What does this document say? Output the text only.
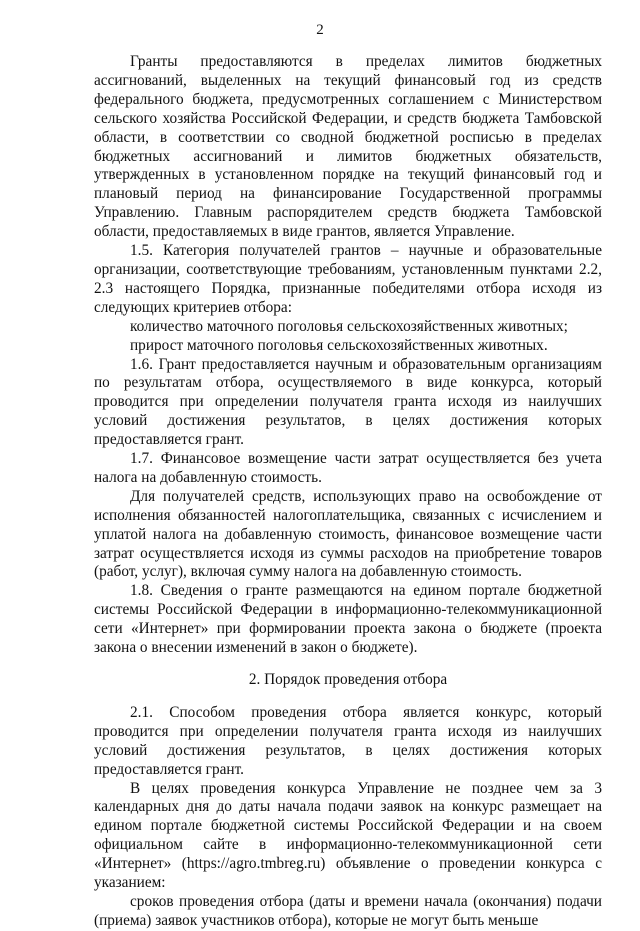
2

Гранты предоставляются в пределах лимитов бюджетных ассигнований, выделенных на текущий финансовый год из средств федерального бюджета, предусмотренных соглашением с Министерством сельского хозяйства Российской Федерации, и средств бюджета Тамбовской области, в соответствии со сводной бюджетной росписью в пределах бюджетных ассигнований и лимитов бюджетных обязательств, утвержденных в установленном порядке на текущий финансовый год и плановый период на финансирование Государственной программы Управлению. Главным распорядителем средств бюджета Тамбовской области, предоставляемых в виде грантов, является Управление.

1.5. Категория получателей грантов – научные и образовательные организации, соответствующие требованиям, установленным пунктами 2.2, 2.3 настоящего Порядка, признанные победителями отбора исходя из следующих критериев отбора:

количество маточного поголовья сельскохозяйственных животных;

прирост маточного поголовья сельскохозяйственных животных.

1.6. Грант предоставляется научным и образовательным организациям по результатам отбора, осуществляемого в виде конкурса, который проводится при определении получателя гранта исходя из наилучших условий достижения результатов, в целях достижения которых предоставляется грант.

1.7. Финансовое возмещение части затрат осуществляется без учета налога на добавленную стоимость.

Для получателей средств, использующих право на освобождение от исполнения обязанностей налогоплательщика, связанных с исчислением и уплатой налога на добавленную стоимость, финансовое возмещение части затрат осуществляется исходя из суммы расходов на приобретение товаров (работ, услуг), включая сумму налога на добавленную стоимость.

1.8. Сведения о гранте размещаются на едином портале бюджетной системы Российской Федерации в информационно-телекоммуникационной сети «Интернет» при формировании проекта закона о бюджете (проекта закона о внесении изменений в закон о бюджете).

2. Порядок проведения отбора

2.1. Способом проведения отбора является конкурс, который проводится при определении получателя гранта исходя из наилучших условий достижения результатов, в целях достижения которых предоставляется грант.

В целях проведения конкурса Управление не позднее чем за 3 календарных дня до даты начала подачи заявок на конкурс размещает на едином портале бюджетной системы Российской Федерации и на своем официальном сайте в информационно-телекоммуникационной сети «Интернет» (https://agro.tmbreg.ru) объявление о проведении конкурса с указанием:

сроков проведения отбора (даты и времени начала (окончания) подачи (приема) заявок участников отбора), которые не могут быть меньше
